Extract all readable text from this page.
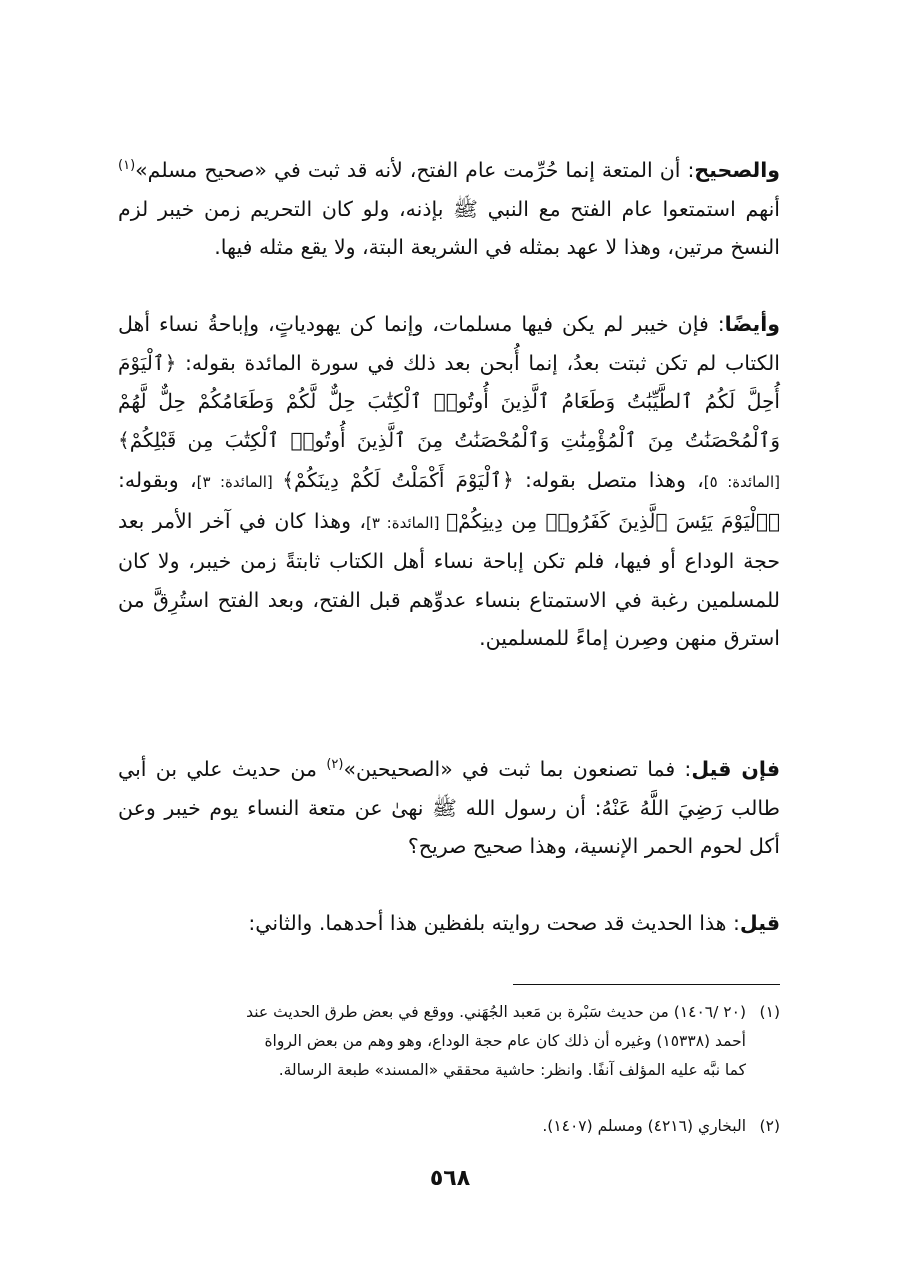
والصحيح: أن المتعة إنما حُرِّمت عام الفتح، لأنه قد ثبت في «صحيح مسلم»$^{(١)}$ أنهم استمتعوا عام الفتح مع النبي ﷺ بإذنه، ولو كان التحريم زمن خيبر لزم النسخ مرتين، وهذا لا عهد بمثله في الشريعة البتة، ولا يقع مثله فيها.
وأيضًا: فإن خيبر لم يكن فيها مسلمات، وإنما كن يهودياتٍ، وإباحةُ نساء أهل الكتاب لم تكن ثبتت بعدُ، إنما أُبحن بعد ذلك في سورة المائدة بقوله: ﴿ٱلْيَوْمَ أُحِلَّ لَكُمُ ٱلطَّيِّبَٰتُ وَطَعَامُ ٱلَّذِينَ أُوتُوا۟ ٱلْكِتَٰبَ حِلٌّ لَّكُمْ وَطَعَامُكُمْ حِلٌّ لَّهُمْ وَٱلْمُحْصَنَٰتُ مِنَ ٱلْمُؤْمِنَٰتِ وَٱلْمُحْصَنَٰتُ مِنَ ٱلَّذِينَ أُوتُوا۟ ٱلْكِتَٰبَ مِن قَبْلِكُمْ﴾ [المائدة: ٥]، وهذا متصل بقوله: ﴿ٱلْيَوْمَ أَكْمَلْتُ لَكُمْ دِينَكُمْ﴾ [المائدة: ٣]، وبقوله: ﴿ٱلْيَوْمَ يَئِسَ ٱلَّذِينَ كَفَرُوا۟ مِن دِينِكُمْ﴾ [المائدة: ٣]، وهذا كان في آخر الأمر بعد حجة الوداع أو فيها، فلم تكن إباحة نساء أهل الكتاب ثابتةً زمن خيبر، ولا كان للمسلمين رغبة في الاستمتاع بنساء عدوِّهم قبل الفتح، وبعد الفتح استُرِقَّ من استرق منهن وصِرن إماءً للمسلمين.
فإن قيل: فما تصنعون بما ثبت في «الصحيحين»$^{(٢)}$ من حديث علي بن أبي طالب رَضِيَ اللَّهُ عَنْهُ: أن رسول الله ﷺ نهىٰ عن متعة النساء يوم خيبر وعن أكل لحوم الحمر الإنسية، وهذا صحيح صريح؟
قيل: هذا الحديث قد صحت روايته بلفظين هذا أحدهما. والثاني:
(١)(٢٠ /١٤٠٦) من حديث سَبْرة بن مَعبد الجُهَني. ووقع في بعض طرق الحديث عند
أحمد (١٥٣٣٨) وغيره أن ذلك كان عام حجة الوداع، وهو وهم من بعض الرواة
كما نبَّه عليه المؤلف آنفًا. وانظر: حاشية محققي «المسند» طبعة الرسالة.
(٢)البخاري (٤٢١٦) ومسلم (١٤٠٧).
٥٦٨
